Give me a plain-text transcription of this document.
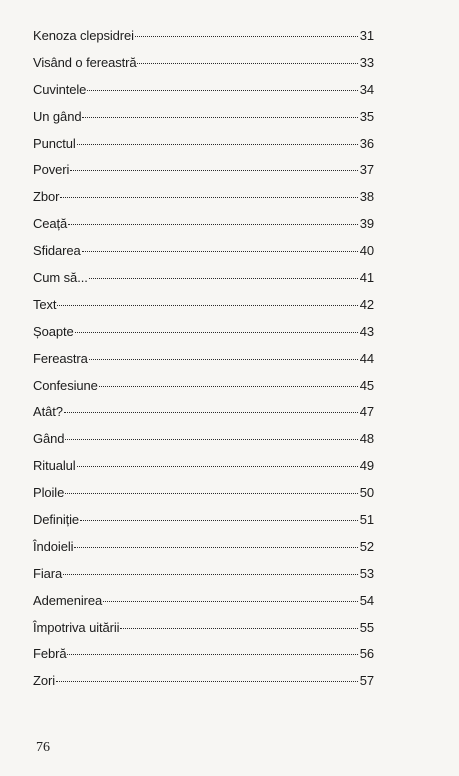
Kenoza clepsidrei	31
Visând o fereastră	33
Cuvintele	34
Un gând	35
Punctul	36
Poveri	37
Zbor	38
Ceață	39
Sfidarea	40
Cum să...	41
Text	42
Șoapte	43
Fereastra	44
Confesiune	45
Atât?	47
Gând	48
Ritualul	49
Ploile	50
Definiție	51
Îndoieli	52
Fiara	53
Ademenirea	54
Împotriva uitării	55
Febră	56
Zori	57
76
